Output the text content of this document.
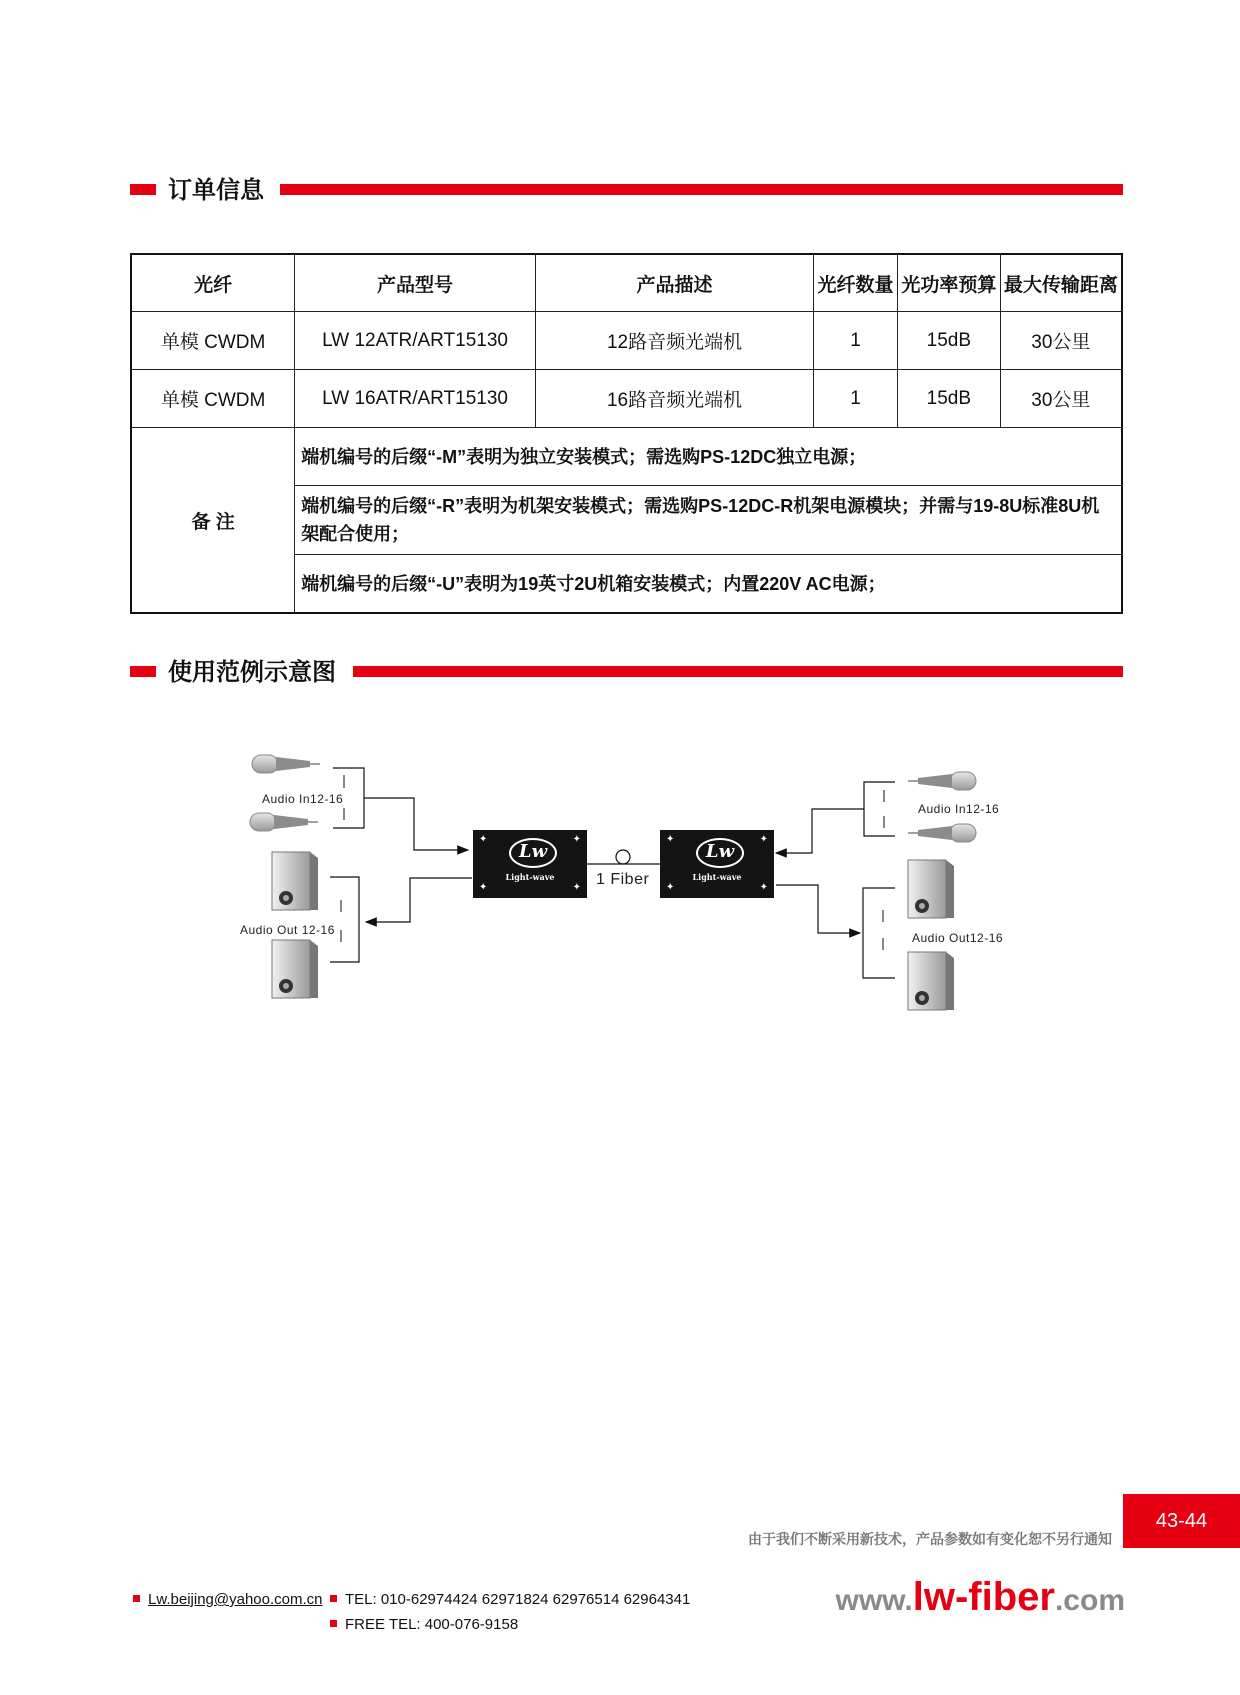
订单信息
光纤	产品型号	产品描述	光纤数量	光功率预算	最大传输距离
单模 CWDM	LW 12ATR/ART15130	12路音频光端机	1	15dB	30公里
单模 CWDM	LW 16ATR/ART15130	16路音频光端机	1	15dB	30公里
备 注	端机编号的后缀“-M”表明为独立安装模式；需选购PS-12DC独立电源；				
	端机编号的后缀“-R”表明为机架安装模式；需选购PS-12DC-R机架电源模块；并需与19-8U标准8U机架配合使用；				
	端机编号的后缀“-U”表明为19英寸2U机箱安装模式；内置220V AC电源；				
使用范例示意图
Audio In12-16
Audio Out 12-16
Audio In12-16
Audio Out12-16
1 Fiber
✦	✦
✦	✦
Lw
Light-wave
✦	✦
✦	✦
Lw
Light-wave
43-44
由于我们不断采用新技术，产品参数如有变化恕不另行通知
Lw.beijing@yahoo.com.cn	TEL: 010-62974424 62971824 62976514 62964341
FREE TEL: 400-076-9158
www.lw-fiber.com
